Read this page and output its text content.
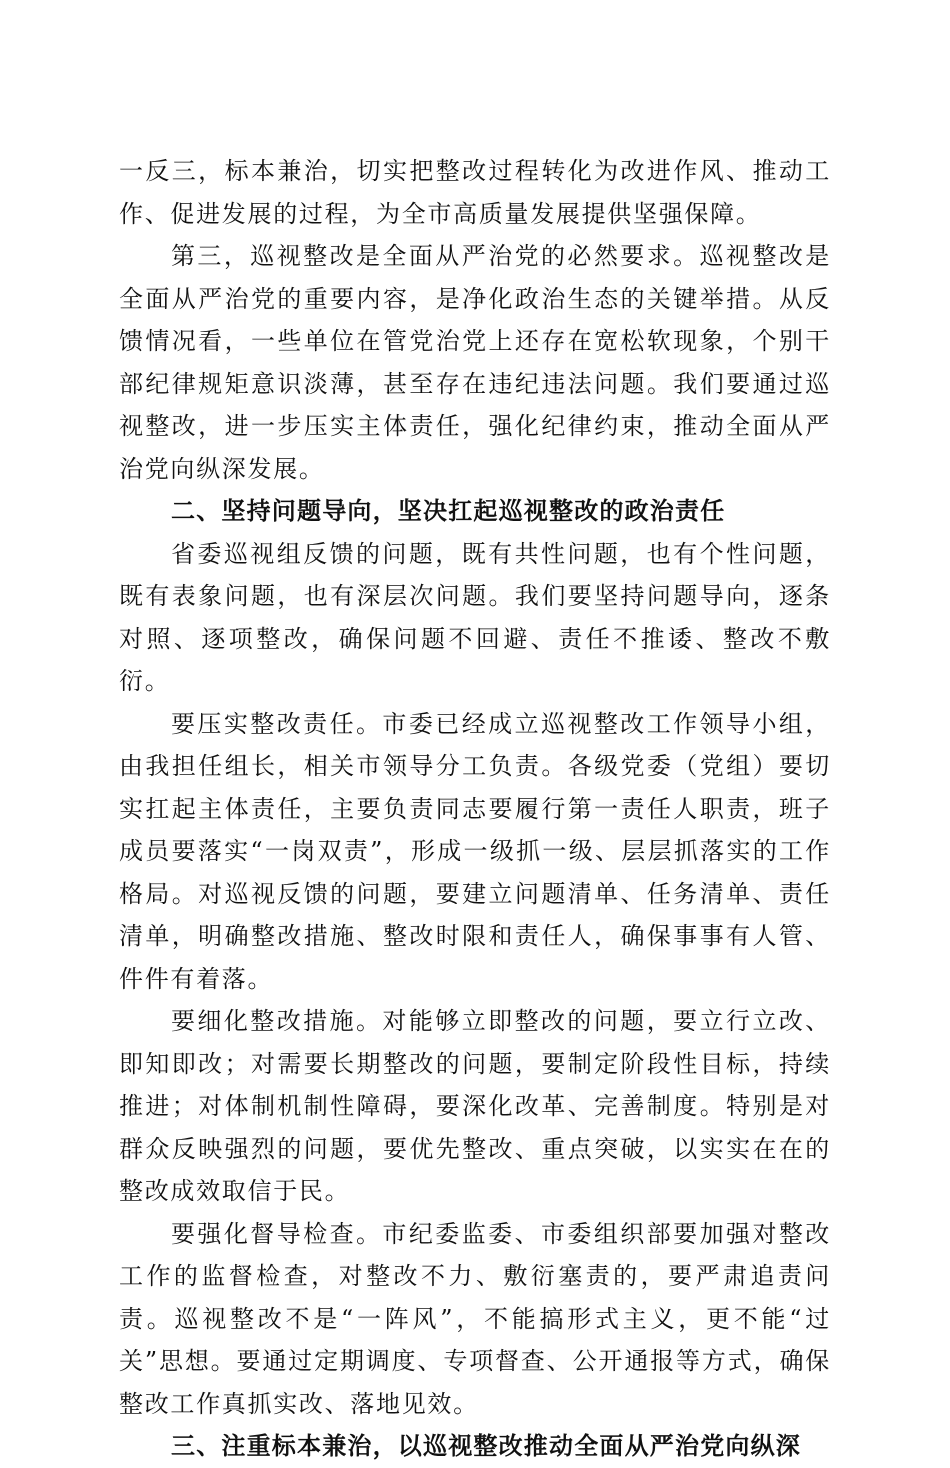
一反三，标本兼治，切实把整改过程转化为改进作风、推动工作、促进发展的过程，为全市高质量发展提供坚强保障。

第三，巡视整改是全面从严治党的必然要求。巡视整改是全面从严治党的重要内容，是净化政治生态的关键举措。从反馈情况看，一些单位在管党治党上还存在宽松软现象，个别干部纪律规矩意识淡薄，甚至存在违纪违法问题。我们要通过巡视整改，进一步压实主体责任，强化纪律约束，推动全面从严治党向纵深发展。

二、坚持问题导向，坚决扛起巡视整改的政治责任

省委巡视组反馈的问题，既有共性问题，也有个性问题，既有表象问题，也有深层次问题。我们要坚持问题导向，逐条对照、逐项整改，确保问题不回避、责任不推诿、整改不敷衍。

要压实整改责任。市委已经成立巡视整改工作领导小组，由我担任组长，相关市领导分工负责。各级党委（党组）要切实扛起主体责任，主要负责同志要履行第一责任人职责，班子成员要落实“一岗双责”，形成一级抓一级、层层抓落实的工作格局。对巡视反馈的问题，要建立问题清单、任务清单、责任清单，明确整改措施、整改时限和责任人，确保事事有人管、件件有着落。

要细化整改措施。对能够立即整改的问题，要立行立改、即知即改；对需要长期整改的问题，要制定阶段性目标，持续推进；对体制机制性障碍，要深化改革、完善制度。特别是对群众反映强烈的问题，要优先整改、重点突破，以实实在在的整改成效取信于民。

要强化督导检查。市纪委监委、市委组织部要加强对整改工作的监督检查，对整改不力、敷衍塞责的，要严肃追责问责。巡视整改不是“一阵风”，不能搞形式主义，更不能“过关”思想。要通过定期调度、专项督查、公开通报等方式，确保整改工作真抓实改、落地见效。

三、注重标本兼治，以巡视整改推动全面从严治党向纵深
